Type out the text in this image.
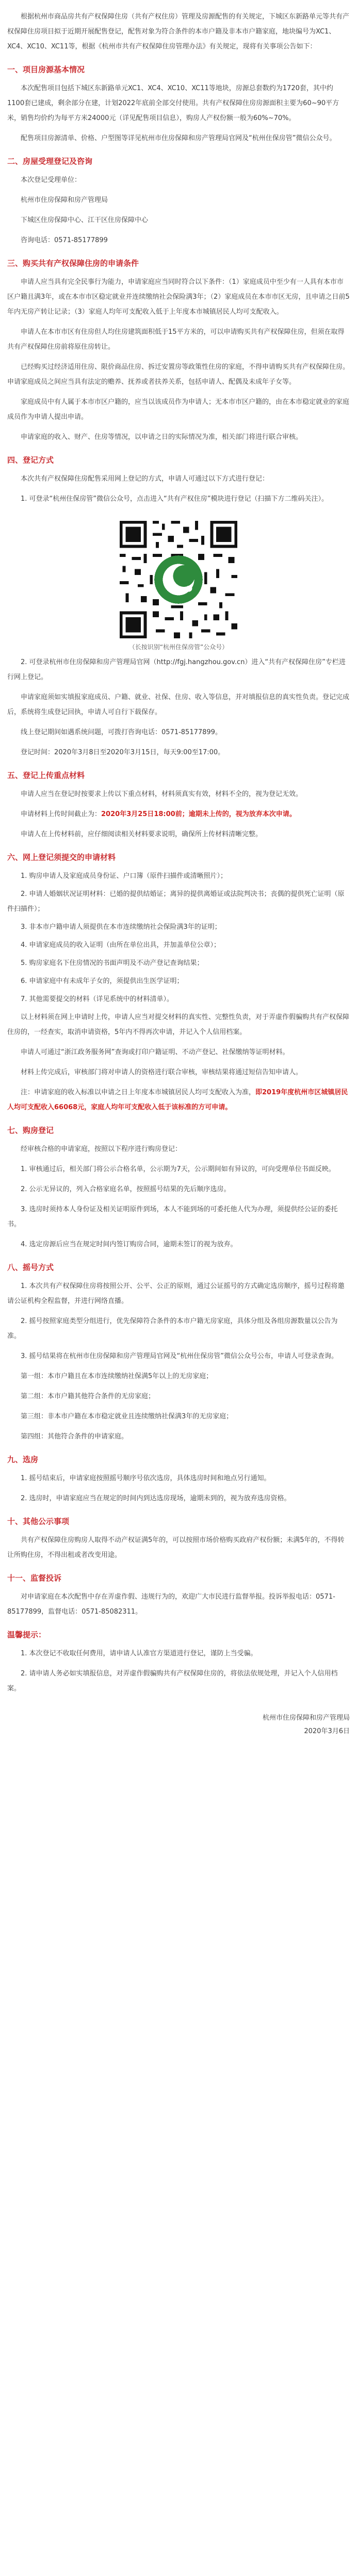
根据杭州市商品房共有产权保障住房（共有产权住房）管理及房源配售的有关规定，下城区东新路单元等共有产权保障住房项目拟于近期开展配售登记，配售对象为符合条件的本市户籍及非本市户籍家庭，地块编号为XC1、XC4、XC10、XC11等，根据《杭州市共有产权保障住房管理办法》有关规定，现将有关事项公告如下：

一、项目房源基本情况

本次配售项目包括下城区东新路单元XC1、XC4、XC10、XC11等地块，房源总套数约为1720套，其中约1100套已建成，剩余部分在建，计划2022年底前全部交付使用。共有产权保障住房房源面积主要为60~90平方米，销售均价约为每平方米24000元（详见配售项目信息），购房人产权份额一般为60%~70%。

配售项目房源清单、价格、户型图等详见杭州市住房保障和房产管理局官网及“杭州住保房管”微信公众号。

二、房屋受理登记及咨询

本次登记受理单位：

杭州市住房保障和房产管理局

下城区住房保障中心、江干区住房保障中心

咨询电话：0571-85177899

三、购买共有产权保障住房的申请条件

申请人应当具有完全民事行为能力，申请家庭应当同时符合以下条件：（1）家庭成员中至少有一人具有本市市区户籍且满3年，或在本市市区稳定就业并连续缴纳社会保险满3年；（2）家庭成员在本市市区无房，且申请之日前5年内无房产转让记录；（3）家庭人均年可支配收入低于上年度本市城镇居民人均可支配收入。

申请人在本市市区有住房但人均住房建筑面积低于15平方米的，可以申请购买共有产权保障住房，但须在取得共有产权保障住房前将原住房转让。

已经购买过经济适用住房、限价商品住房、拆迁安置房等政策性住房的家庭，不得申请购买共有产权保障住房。申请家庭成员之间应当具有法定的赡养、抚养或者扶养关系，包括申请人、配偶及未成年子女等。

家庭成员中有人属于本市市区户籍的，应当以该成员作为申请人；无本市市区户籍的，由在本市稳定就业的家庭成员作为申请人提出申请。

申请家庭的收入、财产、住房等情况，以申请之日的实际情况为准，相关部门将进行联合审核。

四、登记方式

本次共有产权保障住房配售采用网上登记的方式，申请人可通过以下方式进行登记：

1. 可登录“杭州住保房管”微信公众号，点击进入“共有产权住房”模块进行登记（扫描下方二维码关注）。

（长按识别“杭州住保房管”公众号）

2. 可登录杭州市住房保障和房产管理局官网（http://fgj.hangzhou.gov.cn）进入“共有产权保障住房”专栏进行网上登记。

申请家庭须如实填报家庭成员、户籍、就业、社保、住房、收入等信息，并对填报信息的真实性负责。登记完成后，系统将生成登记回执，申请人可自行下载保存。

线上登记期间如遇系统问题，可拨打咨询电话：0571-85177899。

登记时间：2020年3月8日至2020年3月15日，每天9:00至17:00。

五、登记上传重点材料

申请人应当在登记时按要求上传以下重点材料，材料须真实有效，材料不全的，视为登记无效。

申请材料上传时间截止为：2020年3月25日18:00前；逾期未上传的，视为放弃本次申请。

申请人在上传材料前，应仔细阅读相关材料要求说明，确保所上传材料清晰完整。

六、网上登记须提交的申请材料

1. 购房申请人及家庭成员身份证、户口簿（原件扫描件或清晰照片）；

2. 申请人婚姻状况证明材料：已婚的提供结婚证；离异的提供离婚证或法院判决书；丧偶的提供死亡证明（原件扫描件）；

3. 非本市户籍申请人须提供在本市连续缴纳社会保险满3年的证明；

4. 申请家庭成员的收入证明（由所在单位出具，并加盖单位公章）；

5. 购房家庭名下住房情况的书面声明及不动产登记查询结果；

6. 申请家庭中有未成年子女的，须提供出生医学证明；

7. 其他需要提交的材料（详见系统中的材料清单）。

以上材料须在网上申请时上传，申请人应当对提交材料的真实性、完整性负责，对于弄虚作假骗购共有产权保障住房的，一经查实，取消申请资格，5年内不得再次申请，并记入个人信用档案。

申请人可通过“浙江政务服务网”查询或打印户籍证明、不动产登记、社保缴纳等证明材料。

材料上传完成后，审核部门将对申请人的资格进行联合审核，审核结果将通过短信告知申请人。

注：申请家庭的收入标准以申请之日上年度本市城镇居民人均可支配收入为准，即2019年度杭州市区城镇居民人均可支配收入66068元，家庭人均年可支配收入低于该标准的方可申请。

七、购房登记

经审核合格的申请家庭，按照以下程序进行购房登记：

1. 审核通过后，相关部门将公示合格名单，公示期为7天，公示期间如有异议的，可向受理单位书面反映。

2. 公示无异议的，列入合格家庭名单，按照摇号结果的先后顺序选房。

3. 选房时须持本人身份证及相关证明原件到场，本人不能到场的可委托他人代为办理，须提供经公证的委托书。

4. 选定房源后应当在规定时间内签订购房合同，逾期未签订的视为放弃。

八、摇号方式

1. 本次共有产权保障住房将按照公开、公平、公正的原则，通过公证摇号的方式确定选房顺序，摇号过程将邀请公证机构全程监督，并进行网络直播。

2. 摇号按照家庭类型分组进行，优先保障符合条件的本市户籍无房家庭，具体分组及各组房源数量以公告为准。

3. 摇号结果将在杭州市住房保障和房产管理局官网及“杭州住保房管”微信公众号公布，申请人可登录查询。

第一组：本市户籍且在本市连续缴纳社保满5年以上的无房家庭；

第二组：本市户籍其他符合条件的无房家庭；

第三组：非本市户籍在本市稳定就业且连续缴纳社保满3年的无房家庭；

第四组：其他符合条件的申请家庭。

九、选房

1. 摇号结束后，申请家庭按照摇号顺序号依次选房，具体选房时间和地点另行通知。

2. 选房时，申请家庭应当在规定的时间内到达选房现场，逾期未到的，视为放弃选房资格。

十、其他公示事项

共有产权保障住房购房人取得不动产权证满5年的，可以按照市场价格购买政府产权份额；未满5年的，不得转让所购住房，不得出租或者改变用途。

十一、监督投诉

对申请家庭在本次配售中存在弄虚作假、违规行为的，欢迎广大市民进行监督举报。投诉举报电话：0571-85177899，监督电话：0571-85082311。

温馨提示：

1. 本次登记不收取任何费用，请申请人认准官方渠道进行登记，谨防上当受骗。

2. 请申请人务必如实填报信息，对弄虚作假骗购共有产权保障住房的，将依法依规处理，并记入个人信用档案。

杭州市住房保障和房产管理局
2020年3月6日
